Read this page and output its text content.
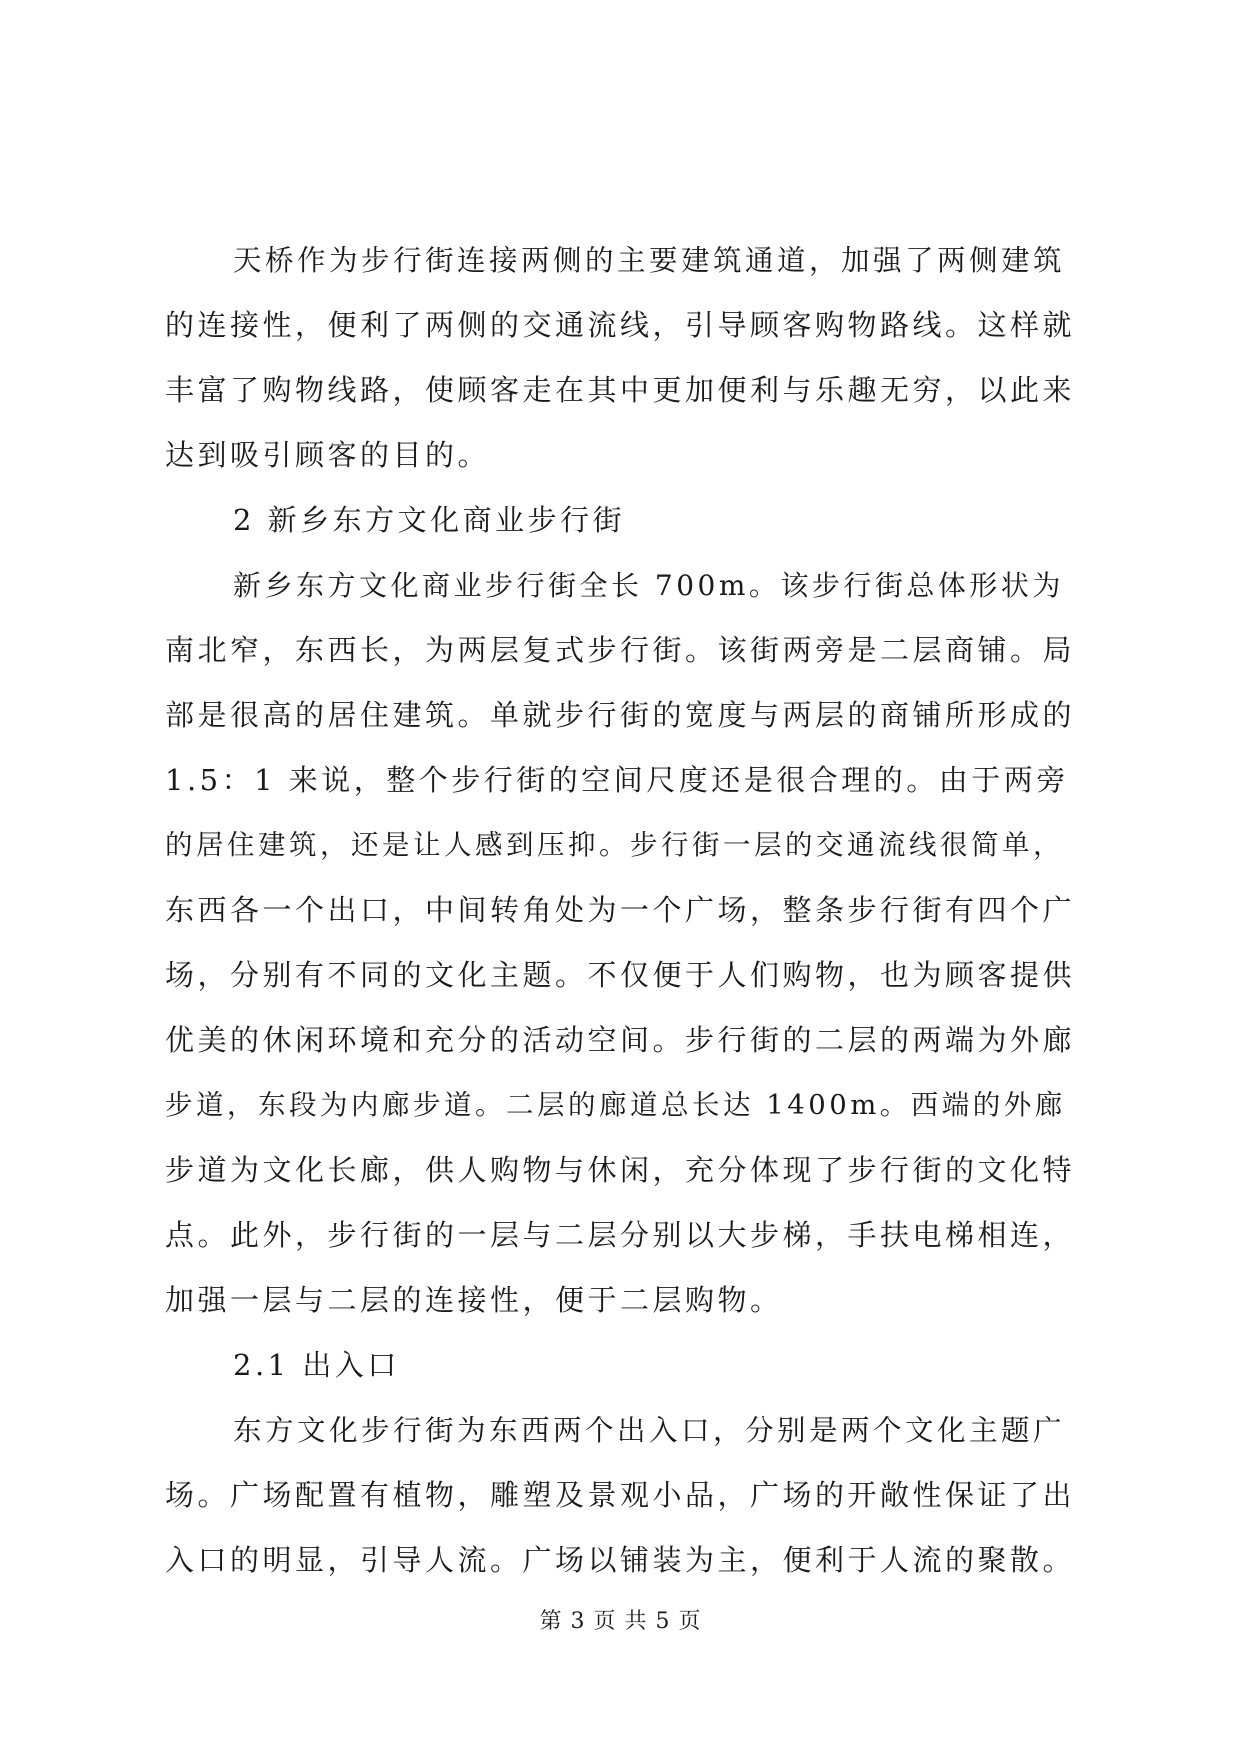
天桥作为步行街连接两侧的主要建筑通道，加强了两侧建筑
的连接性，便利了两侧的交通流线，引导顾客购物路线。这样就
丰富了购物线路，使顾客走在其中更加便利与乐趣无穷，以此来
达到吸引顾客的目的。

2 新乡东方文化商业步行街

新乡东方文化商业步行街全长 700m。该步行街总体形状为
南北窄，东西长，为两层复式步行街。该街两旁是二层商铺。局
部是很高的居住建筑。单就步行街的宽度与两层的商铺所形成的
1.5：1 来说，整个步行街的空间尺度还是很合理的。由于两旁
的居住建筑，还是让人感到压抑。步行街一层的交通流线很简单，
东西各一个出口，中间转角处为一个广场，整条步行街有四个广
场，分别有不同的文化主题。不仅便于人们购物，也为顾客提供
优美的休闲环境和充分的活动空间。步行街的二层的两端为外廊
步道，东段为内廊步道。二层的廊道总长达 1400m。西端的外廊
步道为文化长廊，供人购物与休闲，充分体现了步行街的文化特
点。此外，步行街的一层与二层分别以大步梯，手扶电梯相连，
加强一层与二层的连接性，便于二层购物。

2.1 出入口

东方文化步行街为东西两个出入口，分别是两个文化主题广
场。广场配置有植物，雕塑及景观小品，广场的开敞性保证了出
入口的明显，引导人流。广场以铺装为主，便利于人流的聚散。

第 3 页 共 5 页
